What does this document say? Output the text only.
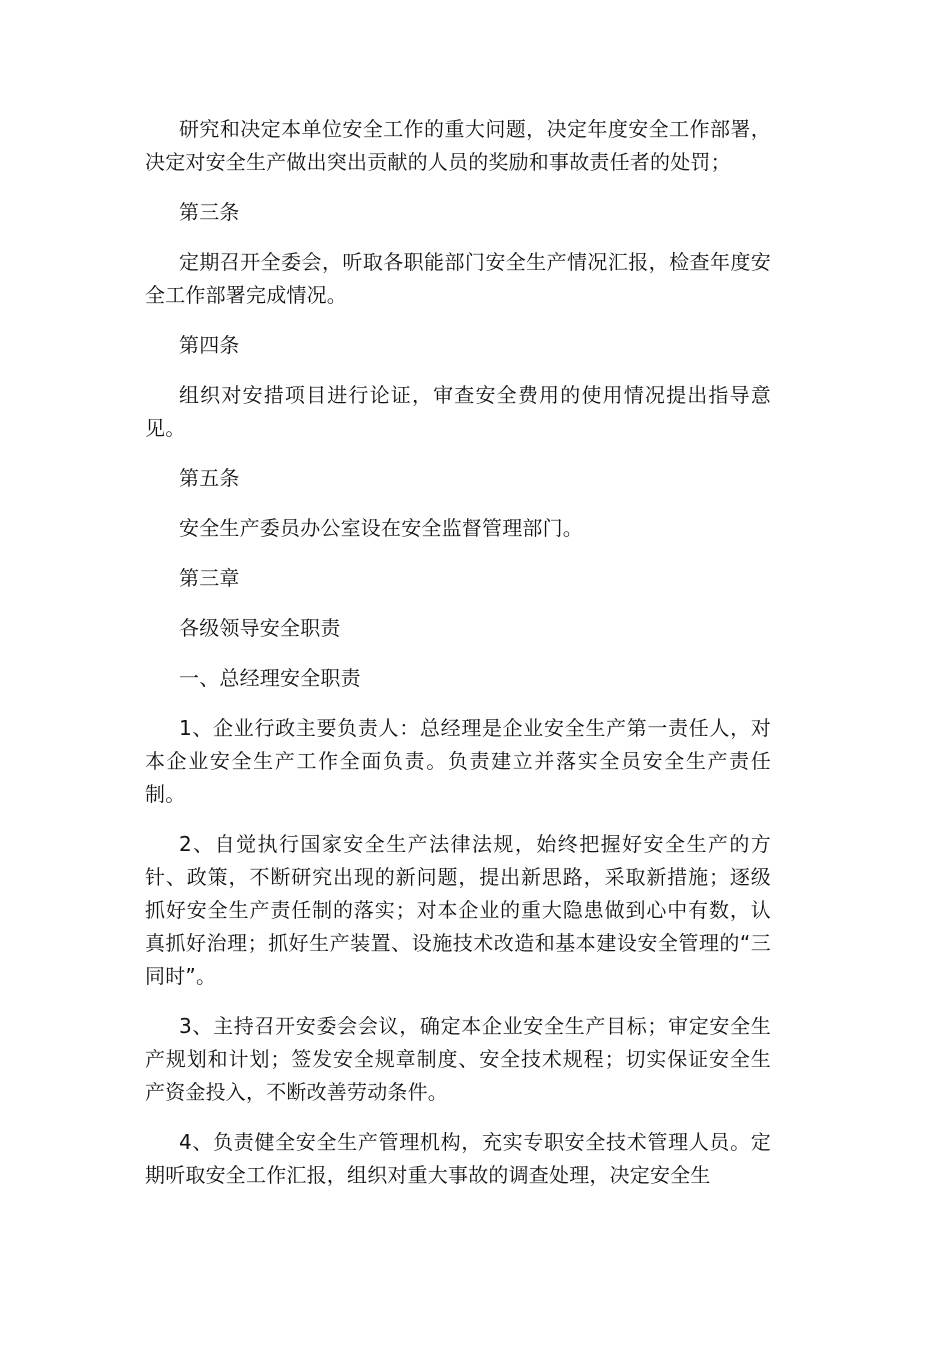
研究和决定本单位安全工作的重大问题，决定年度安全工作部署，决定对安全生产做出突出贡献的人员的奖励和事故责任者的处罚；

第三条

定期召开全委会，听取各职能部门安全生产情况汇报，检查年度安全工作部署完成情况。

第四条

组织对安措项目进行论证，审查安全费用的使用情况提出指导意见。

第五条

安全生产委员办公室设在安全监督管理部门。

第三章

各级领导安全职责

一、总经理安全职责

1、企业行政主要负责人：总经理是企业安全生产第一责任人，对本企业安全生产工作全面负责。负责建立并落实全员安全生产责任制。

2、自觉执行国家安全生产法律法规，始终把握好安全生产的方针、政策，不断研究出现的新问题，提出新思路，采取新措施；逐级抓好安全生产责任制的落实；对本企业的重大隐患做到心中有数，认真抓好治理；抓好生产装置、设施技术改造和基本建设安全管理的“三同时”。

3、主持召开安委会会议，确定本企业安全生产目标；审定安全生产规划和计划；签发安全规章制度、安全技术规程；切实保证安全生产资金投入，不断改善劳动条件。

4、负责健全安全生产管理机构，充实专职安全技术管理人员。定期听取安全工作汇报，组织对重大事故的调查处理，决定安全生
